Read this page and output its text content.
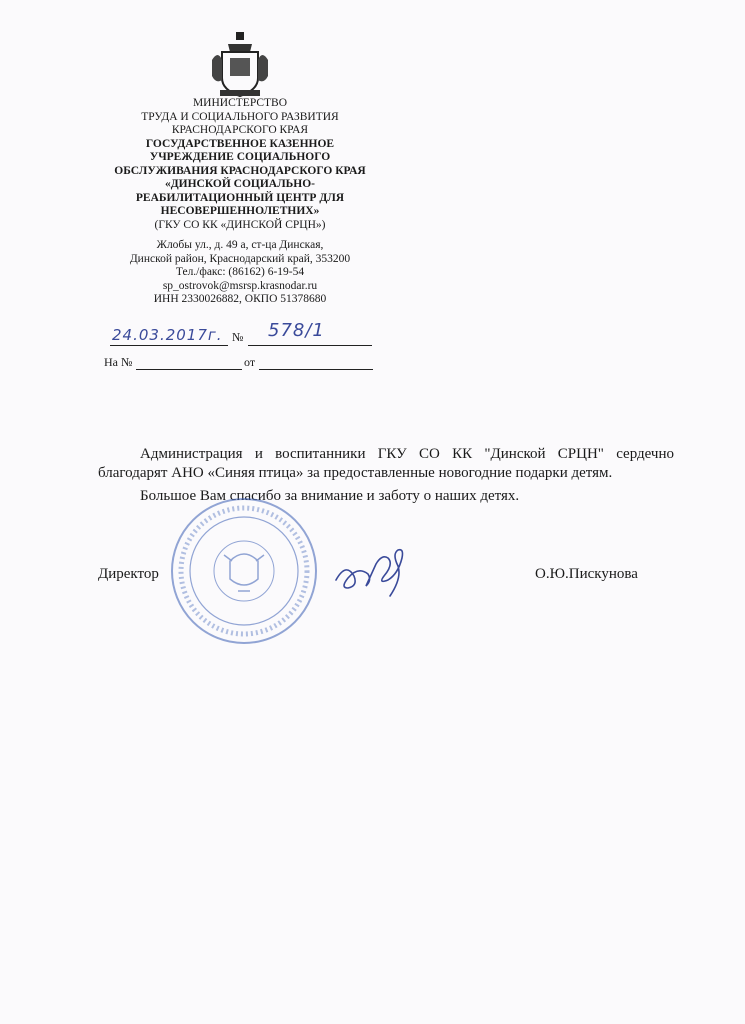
МИНИСТЕРСТВО
ТРУДА И СОЦИАЛЬНОГО РАЗВИТИЯ
КРАСНОДАРСКОГО КРАЯ
ГОСУДАРСТВЕННОЕ КАЗЕННОЕ
УЧРЕЖДЕНИЕ СОЦИАЛЬНОГО
ОБСЛУЖИВАНИЯ КРАСНОДАРСКОГО КРАЯ
«ДИНСКОЙ СОЦИАЛЬНО-
РЕАБИЛИТАЦИОННЫЙ ЦЕНТР ДЛЯ
НЕСОВЕРШЕННОЛЕТНИХ»
(ГКУ СО КК «ДИНСКОЙ СРЦН»)
Жлобы ул., д. 49 а, ст-ца Динская,
Динской район, Краснодарский край, 353200
Тел./факс: (86162) 6-19-54
sp_ostrovok@msrsp.krasnodar.ru
ИНН 2330026882, ОКПО 51378680
24.03.2017г. № 578/1
На №	от

Администрация и воспитанники ГКУ СО КК "Динской СРЦН" сердечно благодарят АНО «Синяя птица» за предоставленные новогодние подарки детям.

Большое Вам спасибо за внимание и заботу о наших детях.

Директор	О.Ю.Пискунова
